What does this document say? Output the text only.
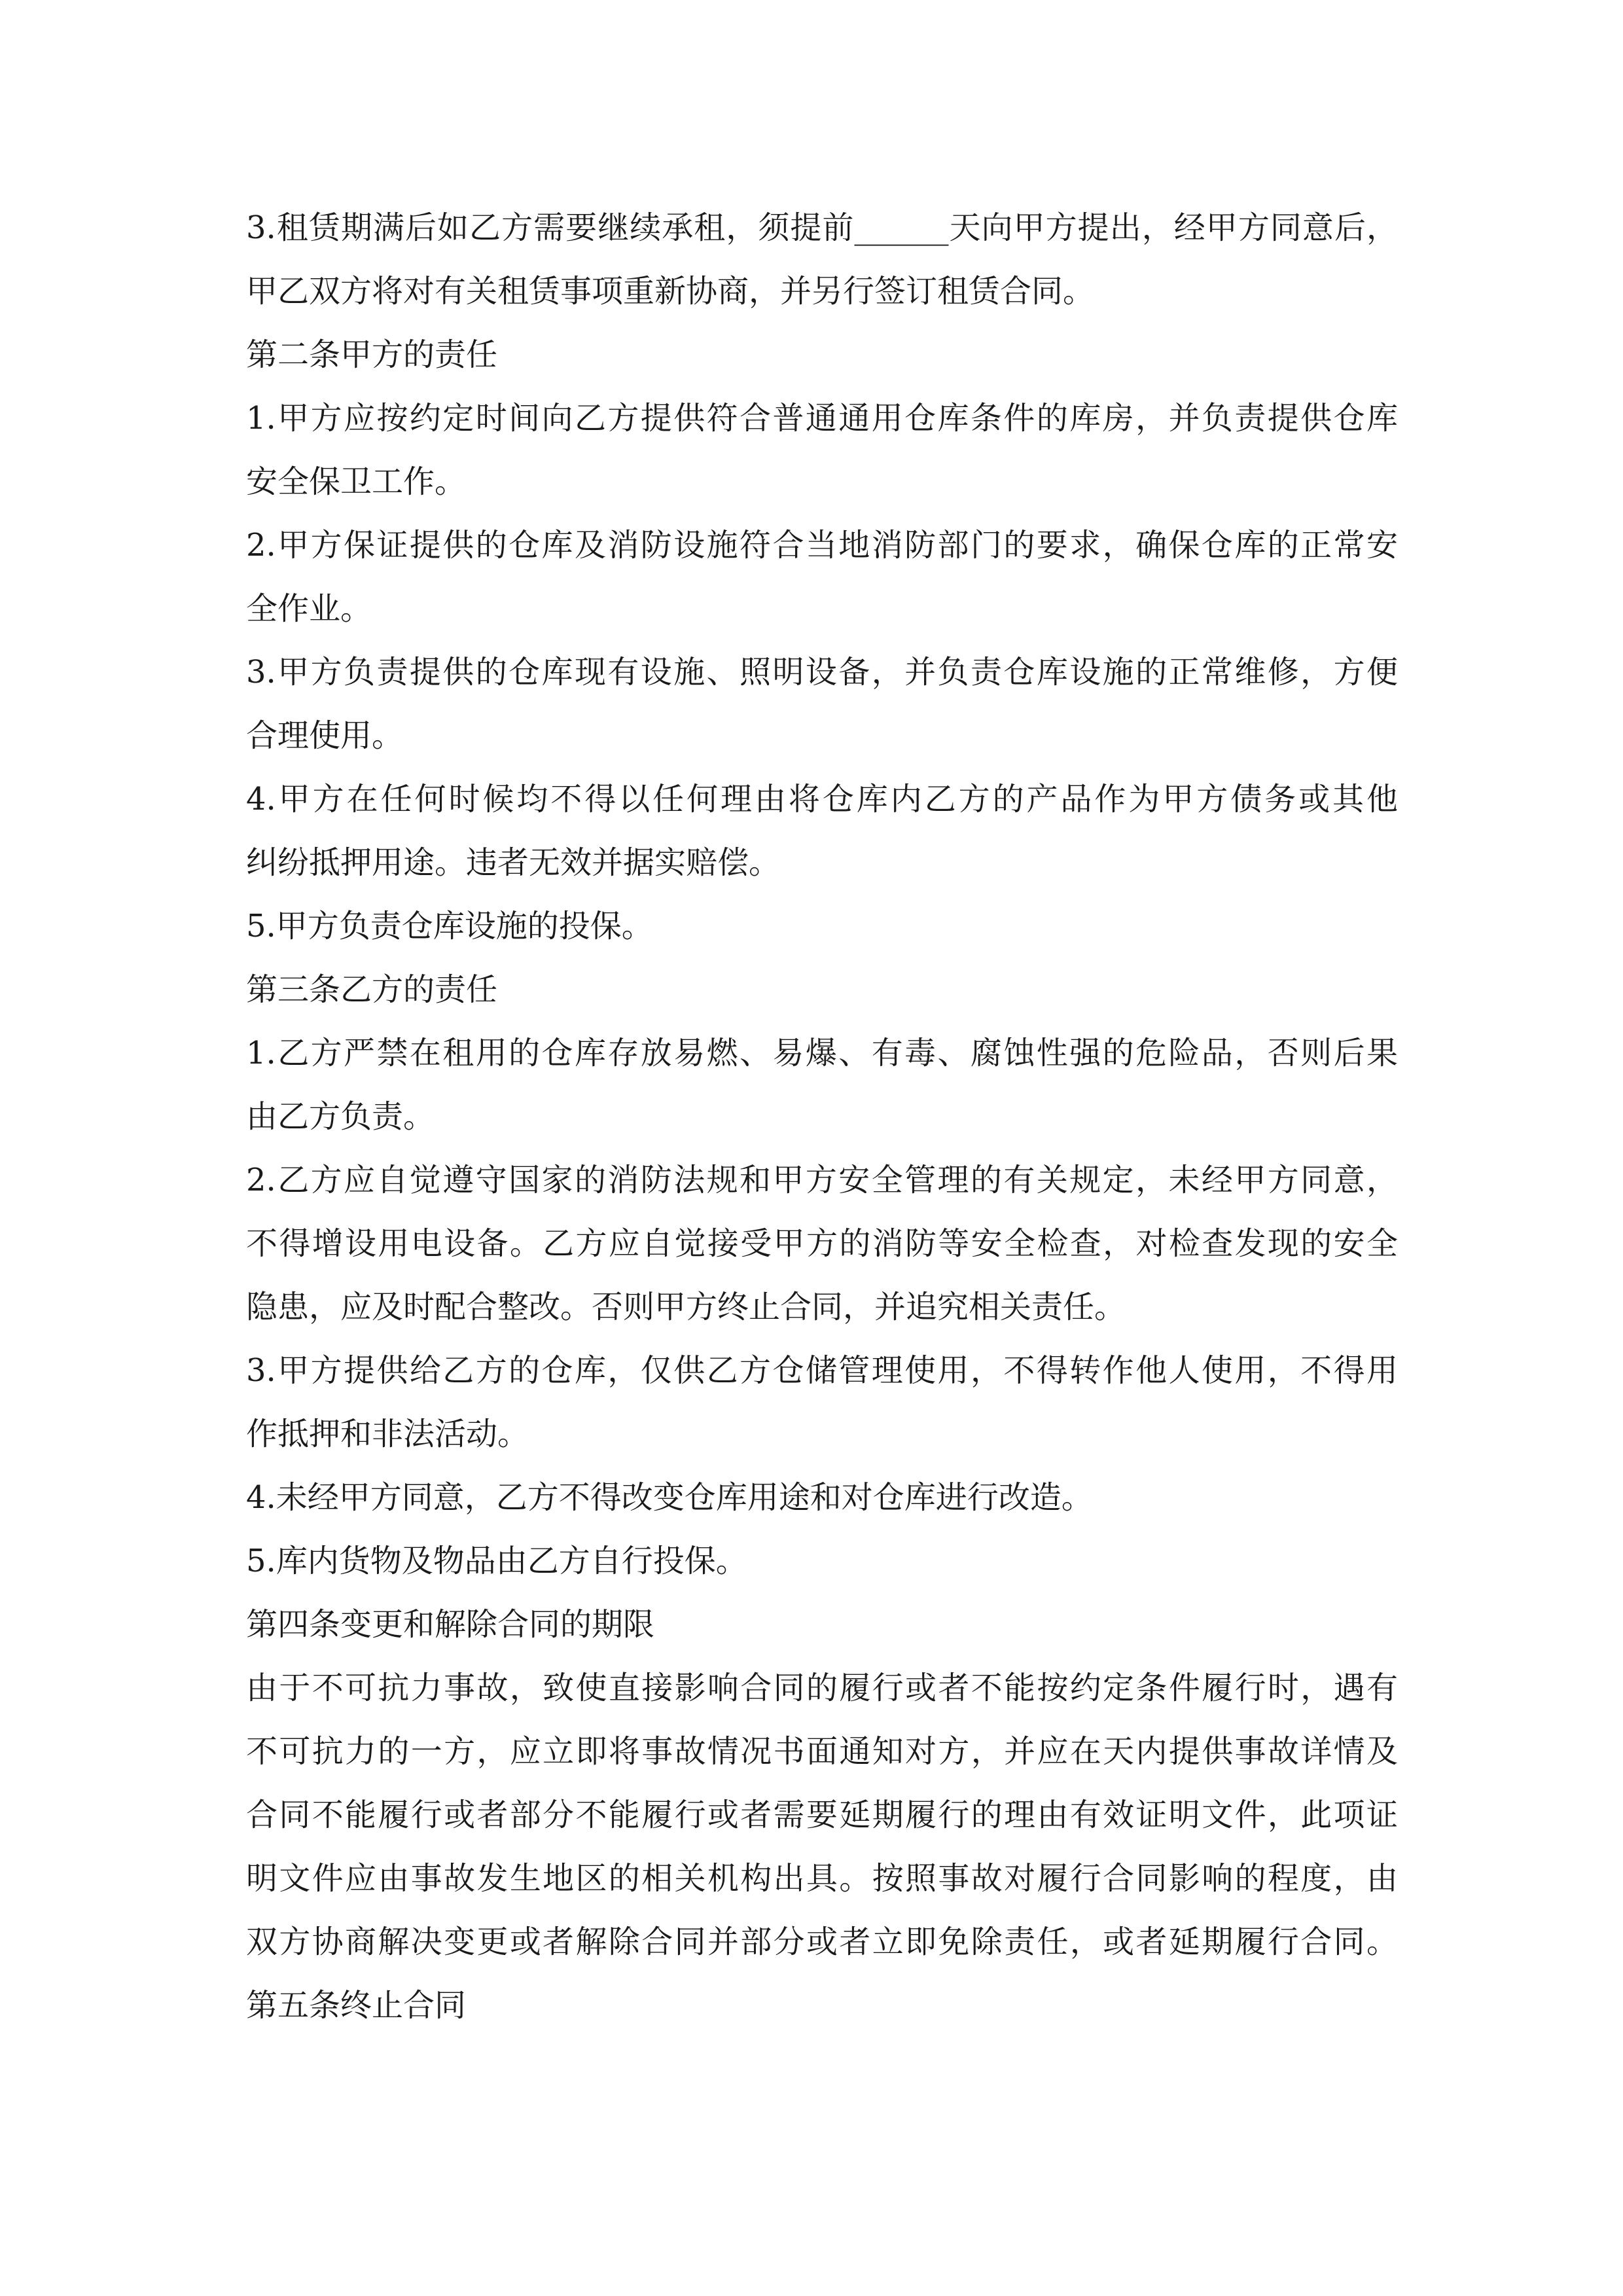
3.租赁期满后如乙方需要继续承租，须提前______天向甲方提出，经甲方同意后，
甲乙双方将对有关租赁事项重新协商，并另行签订租赁合同。
第二条甲方的责任
1.甲方应按约定时间向乙方提供符合普通通用仓库条件的库房，并负责提供仓库
安全保卫工作。
2.甲方保证提供的仓库及消防设施符合当地消防部门的要求，确保仓库的正常安
全作业。
3.甲方负责提供的仓库现有设施、照明设备，并负责仓库设施的正常维修，方便
合理使用。
4.甲方在任何时候均不得以任何理由将仓库内乙方的产品作为甲方债务或其他
纠纷抵押用途。违者无效并据实赔偿。
5.甲方负责仓库设施的投保。
第三条乙方的责任
1.乙方严禁在租用的仓库存放易燃、易爆、有毒、腐蚀性强的危险品，否则后果
由乙方负责。
2.乙方应自觉遵守国家的消防法规和甲方安全管理的有关规定，未经甲方同意，
不得增设用电设备。乙方应自觉接受甲方的消防等安全检查，对检查发现的安全
隐患，应及时配合整改。否则甲方终止合同，并追究相关责任。
3.甲方提供给乙方的仓库，仅供乙方仓储管理使用，不得转作他人使用，不得用
作抵押和非法活动。
4.未经甲方同意，乙方不得改变仓库用途和对仓库进行改造。
5.库内货物及物品由乙方自行投保。
第四条变更和解除合同的期限
由于不可抗力事故，致使直接影响合同的履行或者不能按约定条件履行时，遇有
不可抗力的一方，应立即将事故情况书面通知对方，并应在天内提供事故详情及
合同不能履行或者部分不能履行或者需要延期履行的理由有效证明文件，此项证
明文件应由事故发生地区的相关机构出具。按照事故对履行合同影响的程度，由
双方协商解决变更或者解除合同并部分或者立即免除责任，或者延期履行合同。
第五条终止合同
